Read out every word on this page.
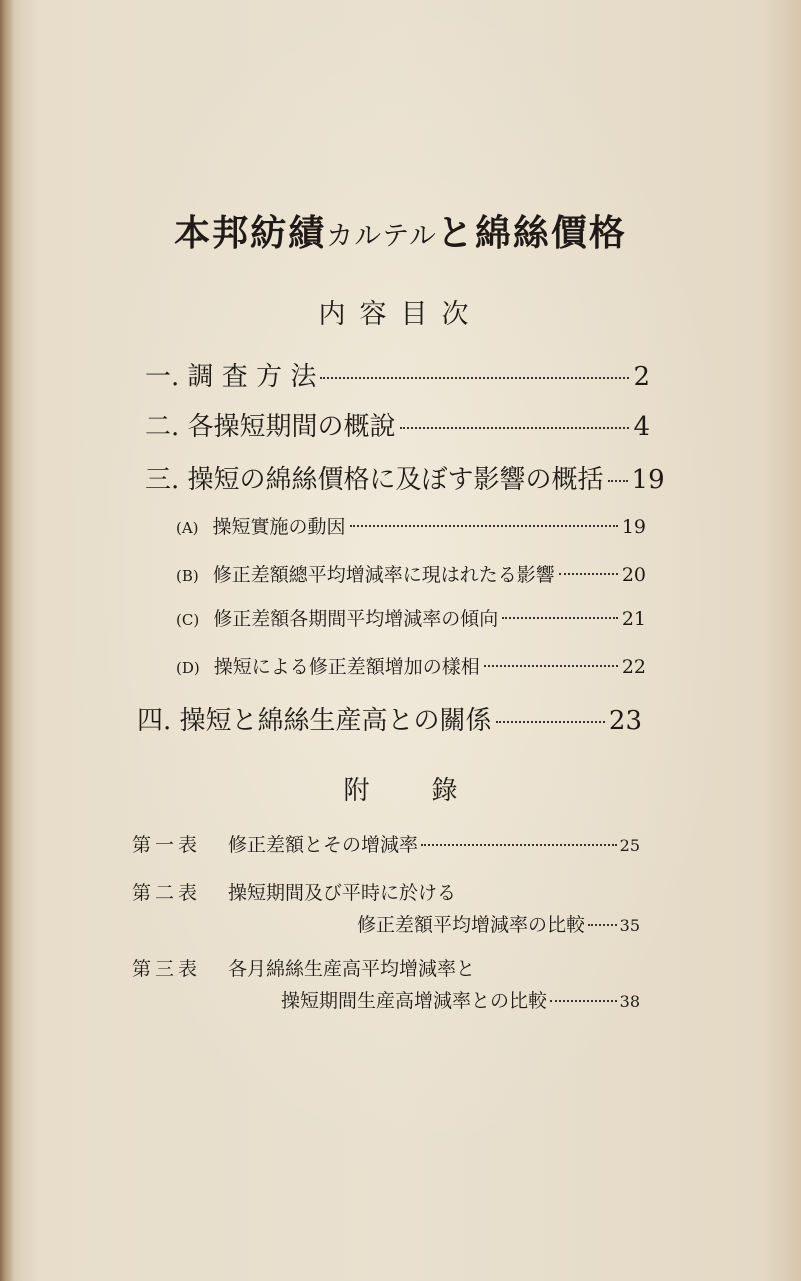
本邦紡績カルテルと綿絲價格
内容目次
一. 調 査 方 法	2
二. 各操短期間の概說	4
三. 操短の綿絲價格に及ぼす影響の概括 19
(A) 操短實施の動因	19
(B) 修正差額總平均增減率に現はれたる影響	20
(C) 修正差額各期間平均增減率の傾向	21
(D) 操短による修正差額增加の樣相	22
四. 操短と綿絲生産高との關係	23
附 錄
第一表 修正差額とその增減率	25
第二表 操短期間及び平時に於ける
修正差額平均增減率の比較 35
第三表 各月綿絲生産高平均增減率と
操短期間生産高增減率との比較	38
